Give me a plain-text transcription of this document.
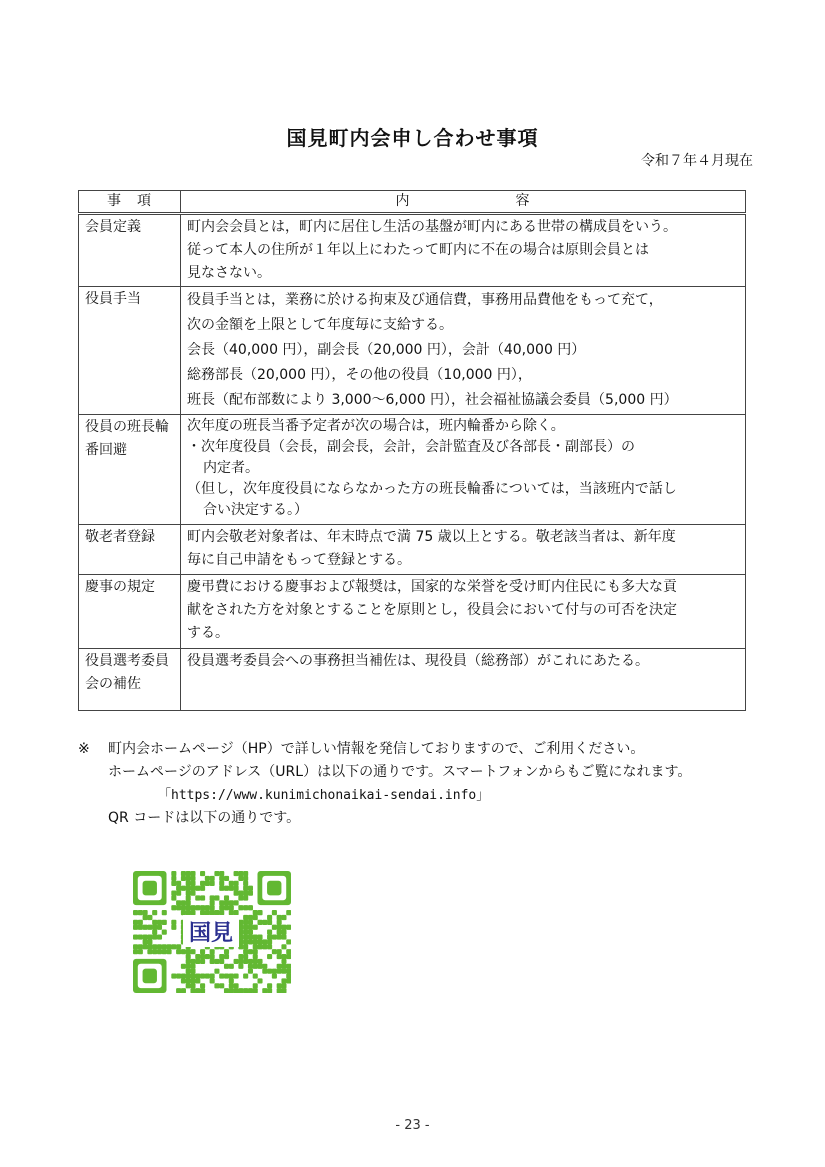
国見町内会申し合わせ事項
令和７年４月現在
事　項	内　　　　　　　容
会員定義	町内会会員とは，町内に居住し生活の基盤が町内にある世帯の構成員をいう。
従って本人の住所が１年以上にわたって町内に不在の場合は原則会員とは
見なさない。

役員手当	役員手当とは，業務に於ける拘束及び通信費，事務用品費他をもって充て，
次の金額を上限として年度毎に支給する。
会長（40,000 円），副会長（20,000 円），会計（40,000 円）
総務部長（20,000 円），その他の役員（10,000 円），
班長（配布部数により 3,000～6,000 円），社会福祉協議会委員（5,000 円）

役員の班長輪番回避	次年度の班長当番予定者が次の場合は，班内輪番から除く。
・次年度役員（会長，副会長，会計，会計監査及び各部長・副部長）の
内定者。
（但し，次年度役員にならなかった方の班長輪番については，当該班内で話し
合い決定する。）

敬老者登録	町内会敬老対象者は、年末時点で満 75 歳以上とする。敬老該当者は、新年度
毎に自己申請をもって登録とする。

慶事の規定	慶弔費における慶事および報奨は，国家的な栄誉を受け町内住民にも多大な貢
献をされた方を対象とすることを原則とし，役員会において付与の可否を決定
する。

役員選考委員会の補佐	役員選考委員会への事務担当補佐は、現役員（総務部）がこれにあたる。
※	町内会ホームページ（HP）で詳しい情報を発信しておりますので、ご利用ください。
ホームページのアドレス（URL）は以下の通りです。スマートフォンからもご覧になれます。
「https://www.kunimichonaikai-sendai.info」
QR コードは以下の通りです。
国見
- 23 -
